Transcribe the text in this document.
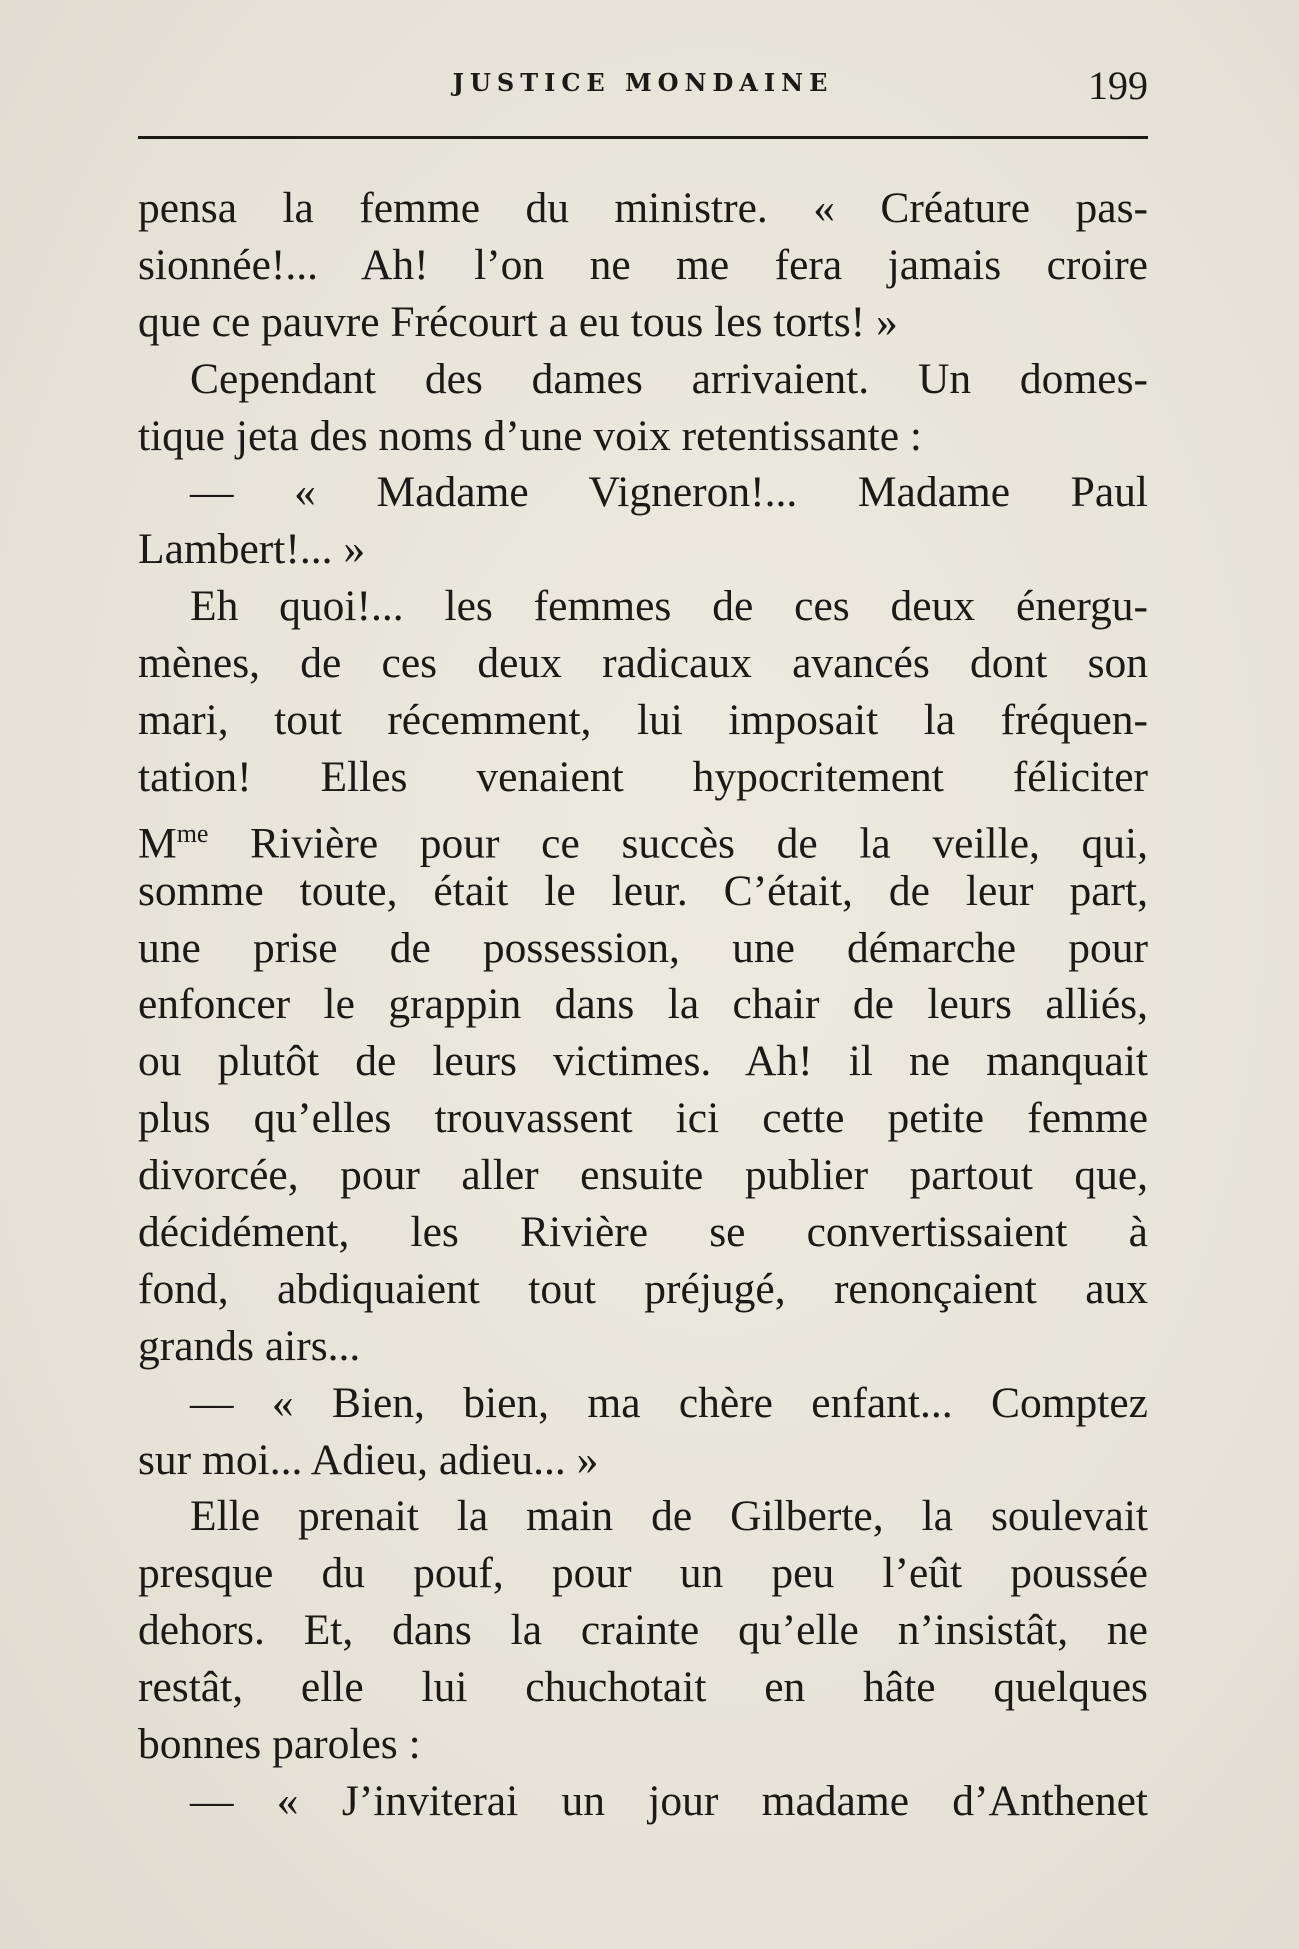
JUSTICE MONDAINE	199
pensa la femme du ministre. « Créature pas-
sionnée!... Ah! l’on ne me fera jamais croire
que ce pauvre Frécourt a eu tous les torts! »
Cependant des dames arrivaient. Un domes-
tique jeta des noms d’une voix retentissante :
— « Madame Vigneron!... Madame Paul
Lambert!... »
Eh quoi!... les femmes de ces deux énergu-
mènes, de ces deux radicaux avancés dont son
mari, tout récemment, lui imposait la fréquen-
tation! Elles venaient hypocritement féliciter
$M^{me}$ Rivière pour ce succès de la veille, qui,
somme toute, était le leur. C’était, de leur part,
une prise de possession, une démarche pour
enfoncer le grappin dans la chair de leurs alliés,
ou plutôt de leurs victimes. Ah! il ne manquait
plus qu’elles trouvassent ici cette petite femme
divorcée, pour aller ensuite publier partout que,
décidément, les Rivière se convertissaient à
fond, abdiquaient tout préjugé, renonçaient aux
grands airs...
— « Bien, bien, ma chère enfant... Comptez
sur moi... Adieu, adieu... »
Elle prenait la main de Gilberte, la soulevait
presque du pouf, pour un peu l’eût poussée
dehors. Et, dans la crainte qu’elle n’insistât, ne
restât, elle lui chuchotait en hâte quelques
bonnes paroles :
— « J’inviterai un jour madame d’Anthenet
